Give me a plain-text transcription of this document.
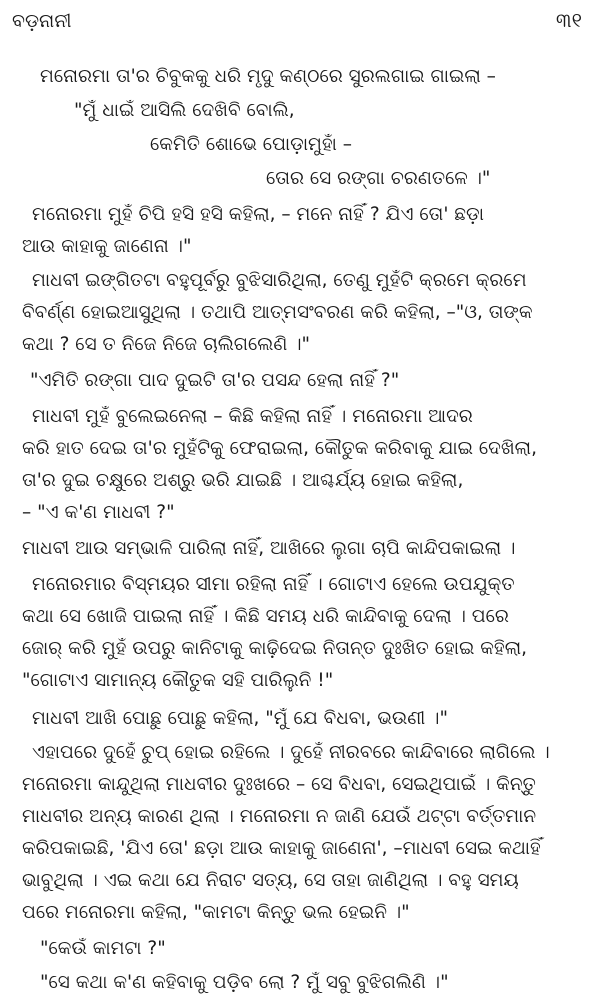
ବଡ଼ନାନୀ	୩୧
ମନୋରମା ତା'ର ଚିବୁକକୁ ଧରି ମୃଦୁ କଣ୍ଠରେ ସୁରଲଗାଇ ଗାଇଲା –
"ମୁଁ ଧାଇଁ ଆସିଲି ଦେଖିବି ବୋଲି,
କେମିତି ଶୋଭେ ପୋଡ଼ାମୁହାଁ –
ତୋର ସେ ରଙ୍ଗା ଚରଣତଳେ ।"
ମନୋରମା ମୁହଁ ଚିପି ହସି ହସି କହିଲା, – ମନେ ନାହିଁ ? ଯିଏ ତୋ' ଛଡ଼ା
ଆଉ କାହାକୁ ଜାଣେନା ।"
ମାଧବୀ ଇଙ୍ଗିତଟା ବହୁପୂର୍ବରୁ ବୁଝିସାରିଥିଲା, ତେଣୁ ମୁହଁଟି କ୍ରମେ କ୍ରମେ
ବିବର୍ଣ୍ଣ ହୋଇଆସୁଥିଲା । ତଥାପି ଆତ୍ମସଂବରଣ କରି କହିଲା, –"ଓ, ତାଙ୍କ
କଥା ? ସେ ତ ନିଜେ ନିଜେ ଚାଲିଗଲେଣି ।"
"ଏମିତି ରଙ୍ଗା ପାଦ ଦୁଇଟି ତା'ର ପସନ୍ଦ ହେଲା ନାହିଁ ?"
ମାଧବୀ ମୁହଁ ବୁଲେଇନେଲା – କିଛି କହିଲା ନାହିଁ । ମନୋରମା ଆଦର
କରି ହାତ ଦେଇ ତା'ର ମୁହଁଟିକୁ ଫେରାଇଲା, କୌତୁକ କରିବାକୁ ଯାଇ ଦେଖିଲା,
ତା'ର ଦୁଇ ଚକ୍ଷୁରେ ଅଶ୍ରୁ ଭରି ଯାଇଛି । ଆଶ୍ଚର୍ଯ୍ୟ ହୋଇ କହିଲା,
– "ଏ କ'ଣ ମାଧବୀ ?"
ମାଧବୀ ଆଉ ସମ୍ଭାଳି ପାରିଲା ନାହିଁ, ଆଖିରେ ଲୁଗା ଚାପି କାନ୍ଦିପକାଇଲା ।
ମନୋରମାର ବିସ୍ମୟର ସୀମା ରହିଲା ନାହିଁ । ଗୋଟାଏ ହେଲେ ଉପଯୁକ୍ତ
କଥା ସେ ଖୋଜି ପାଇଲା ନାହିଁ । କିଛି ସମୟ ଧରି କାନ୍ଦିବାକୁ ଦେଲା । ପରେ
ଜୋର୍ କରି ମୁହଁ ଉପରୁ କାନିଟାକୁ କାଢ଼ିଦେଇ ନିତାନ୍ତ ଦୁଃଖିତ ହୋଇ କହିଲା,
"ଗୋଟାଏ ସାମାନ୍ୟ କୌତୁକ ସହି ପାରିଲୁନି !"
ମାଧବୀ ଆଖି ପୋଛୁ ପୋଛୁ କହିଲା, "ମୁଁ ଯେ ବିଧବା, ଭଉଣୀ ।"
ଏହାପରେ ଦୁହେଁ ଚୁପ୍ ହୋଇ ରହିଲେ । ଦୁହେଁ ନୀରବରେ କାନ୍ଦିବାରେ ଲାଗିଲେ ।
ମନୋରମା କାନ୍ଦୁଥିଲା ମାଧବୀର ଦୁଃଖରେ – ସେ ବିଧବା, ସେଇଥିପାଇଁ । କିନ୍ତୁ
ମାଧବୀର ଅନ୍ୟ କାରଣ ଥିଲା । ମନୋରମା ନ ଜାଣି ଯେଉଁ ଥଟ୍ଟା ବର୍ତ୍ତମାନ
କରିପକାଇଛି, 'ଯିଏ ତୋ' ଛଡ଼ା ଆଉ କାହାକୁ ଜାଣେନା', –ମାଧବୀ ସେଇ କଥାହିଁ
ଭାବୁଥିଲା । ଏଇ କଥା ଯେ ନିରାଟ ସତ୍ୟ, ସେ ତାହା ଜାଣିଥିଲା । ବହୁ ସମୟ
ପରେ ମନୋରମା କହିଲା, "କାମଟା କିନ୍ତୁ ଭଲ ହେଇନି ।"
"କେଉଁ କାମଟା ?"
"ସେ କଥା କ'ଣ କହିବାକୁ ପଡ଼ିବ ଲୋ ? ମୁଁ ସବୁ ବୁଝିଗଲିଣି ।"
